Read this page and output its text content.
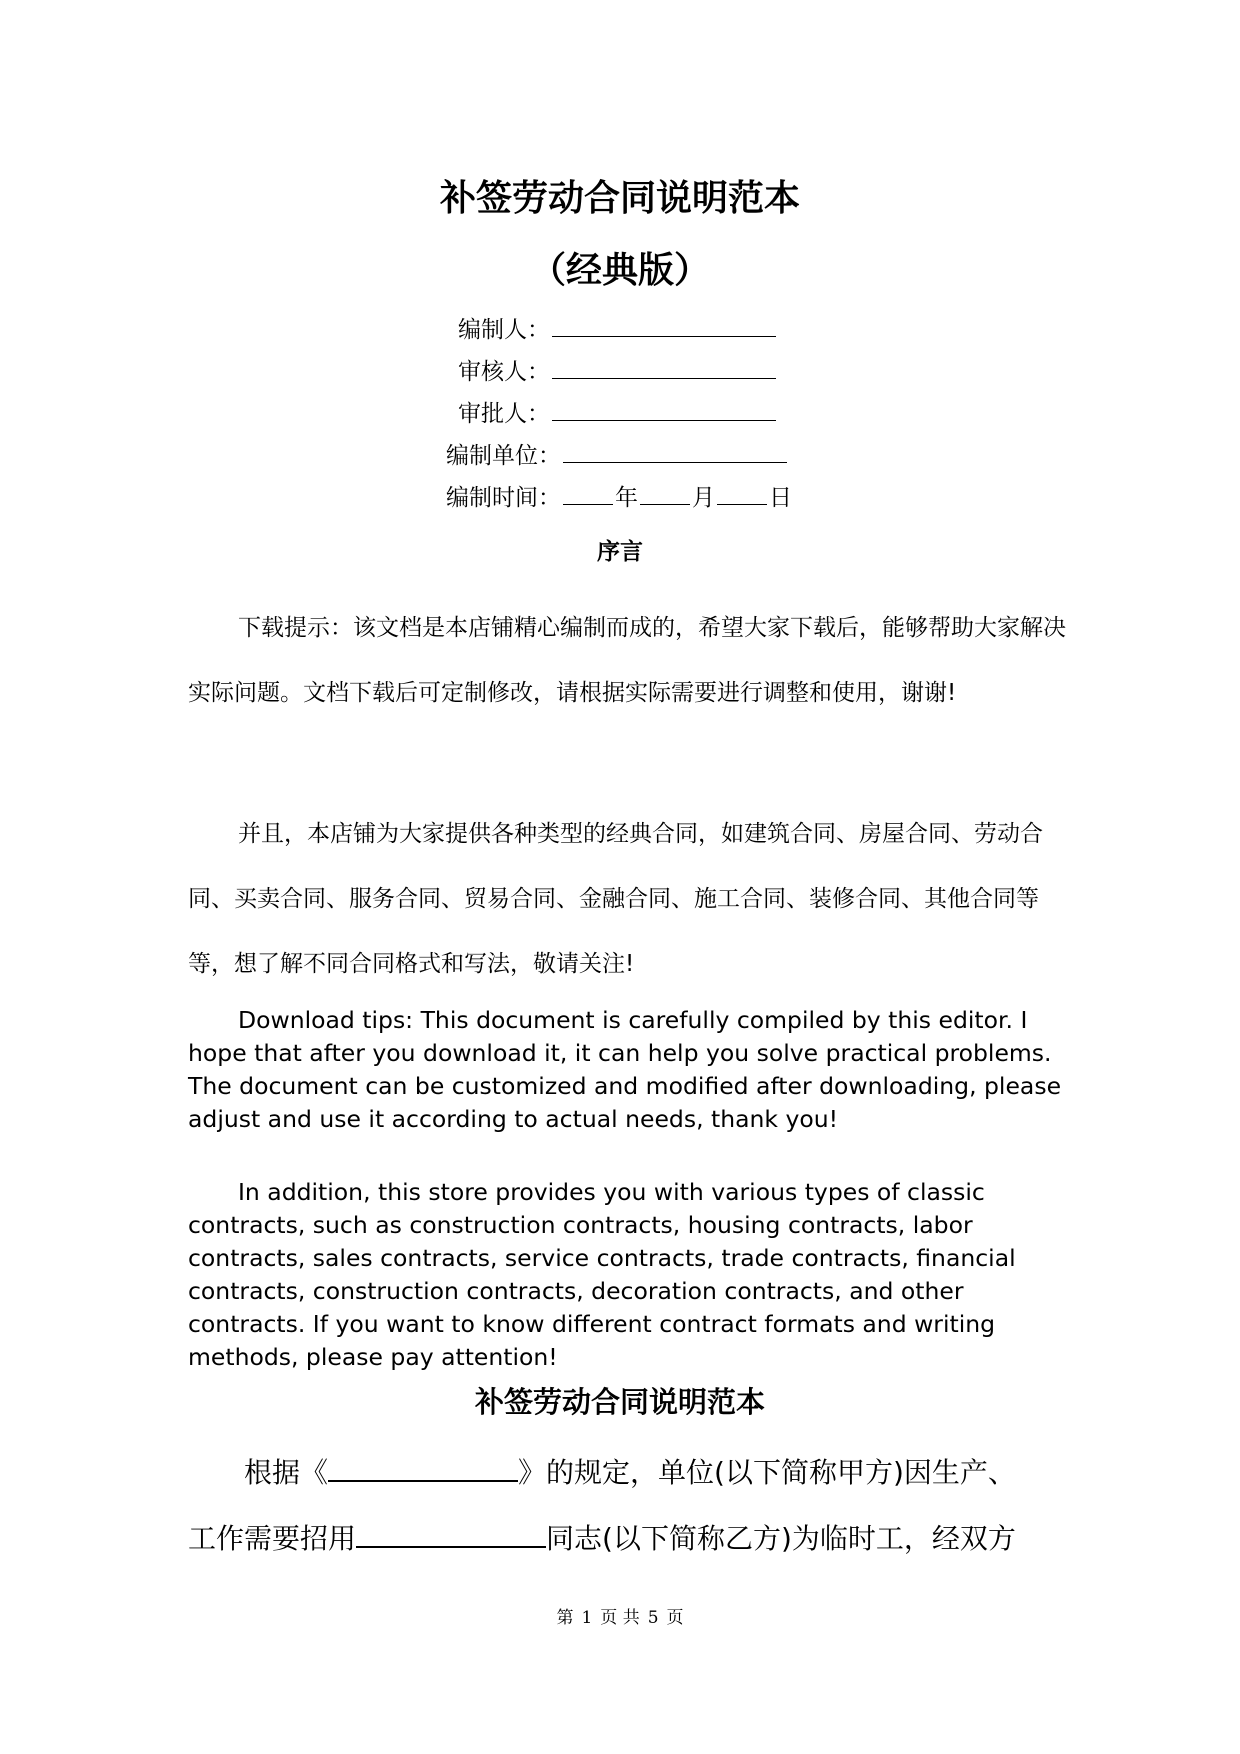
补签劳动合同说明范本
（经典版）
编制人：
审核人：
审批人：
编制单位：
编制时间： 年 月 日
序言
下载提示：该文档是本店铺精心编制而成的，希望大家下载后，能够帮助大家解决实际问题。文档下载后可定制修改，请根据实际需要进行调整和使用，谢谢!
并且，本店铺为大家提供各种类型的经典合同，如建筑合同、房屋合同、劳动合同、买卖合同、服务合同、贸易合同、金融合同、施工合同、装修合同、其他合同等等，想了解不同合同格式和写法，敬请关注!
Download tips: This document is carefully compiled by this editor. I hope that after you download it, it can help you solve practical problems. The document can be customized and modified after downloading, please adjust and use it according to actual needs, thank you!
In addition, this store provides you with various types of classic contracts, such as construction contracts, housing contracts, labor contracts, sales contracts, service contracts, trade contracts, financial contracts, construction contracts, decoration contracts, and other contracts. If you want to know different contract formats and writing methods, please pay attention!
补签劳动合同说明范本
根据《	》的规定，单位(以下简称甲方)因生产、
工作需要招用	同志(以下简称乙方)为临时工，经双方
第 1 页 共 5 页
